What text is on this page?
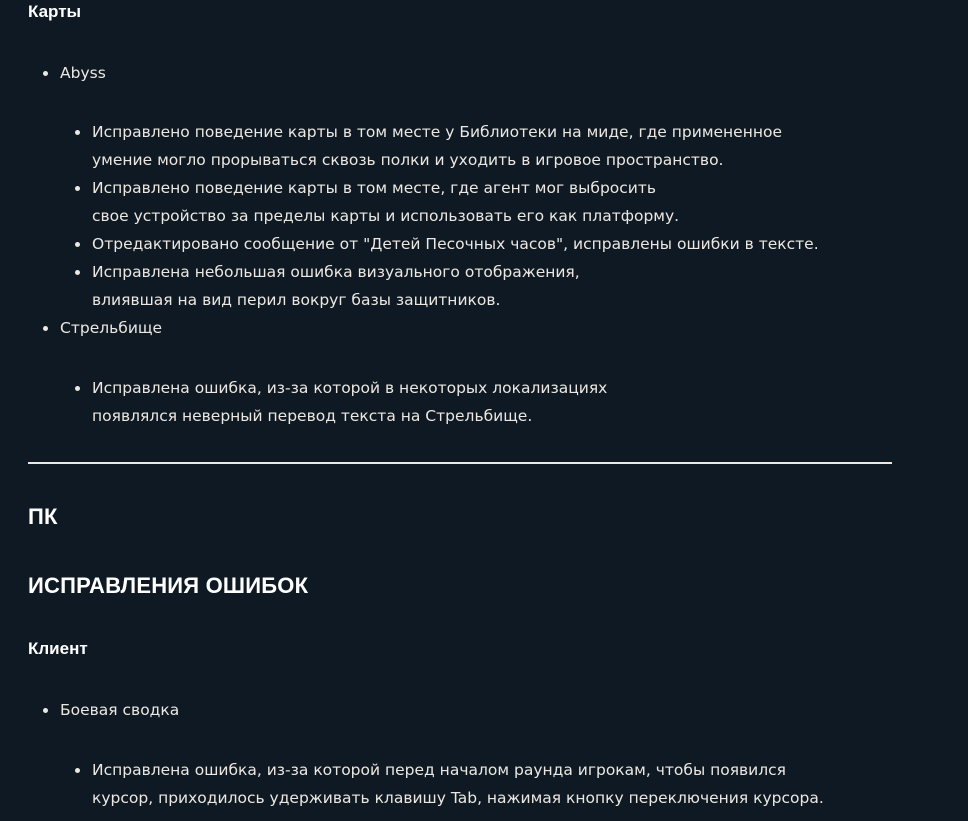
Карты
Abyss
Исправлено поведение карты в том месте у Библиотеки на миде, где примененное
умение могло прорываться сквозь полки и уходить в игровое пространство.
Исправлено поведение карты в том месте, где агент мог выбросить
свое устройство за пределы карты и использовать его как платформу.
Отредактировано сообщение от "Детей Песочных часов", исправлены ошибки в тексте.
Исправлена небольшая ошибка визуального отображения,
влиявшая на вид перил вокруг базы защитников.
Стрельбище
Исправлена ошибка, из-за которой в некоторых локализациях
появлялся неверный перевод текста на Стрельбище.
ПК
ИСПРАВЛЕНИЯ ОШИБОК
Клиент
Боевая сводка
Исправлена ошибка, из-за которой перед началом раунда игрокам, чтобы появился
курсор, приходилось удерживать клавишу Tab, нажимая кнопку переключения курсора.
